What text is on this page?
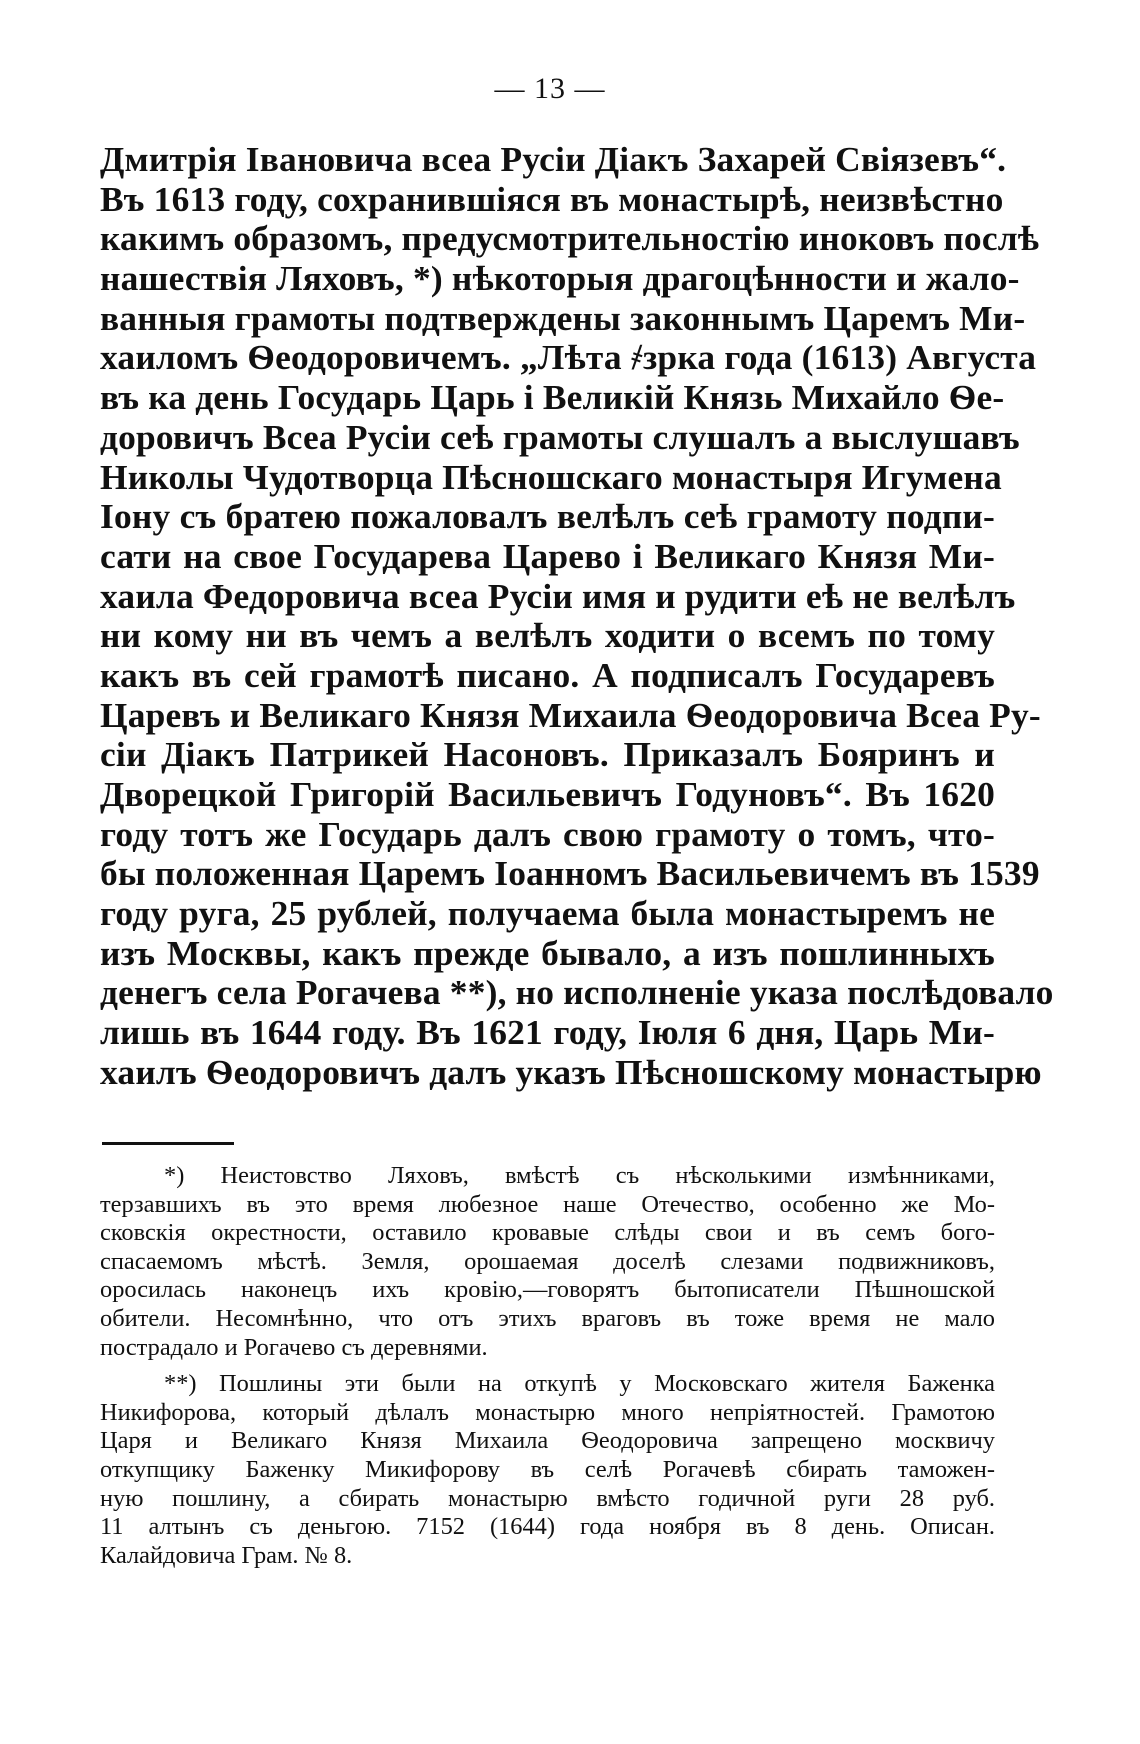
— 13 —
Дмитрія Івановича всеа Русіи Діакъ Захарей Свіязевъ“.
Въ 1613 году, сохранившіяся въ монастырѣ, неизвѣстно
какимъ образомъ, предусмотрительностію иноковъ послѣ
нашествія Ляховъ, *) нѣкоторыя драгоцѣнности и жало-
ванныя грамоты подтверждены законнымъ Царемъ Ми-
хаиломъ Ѳеодоровичемъ. „Лѣта ҂зрка года (1613) Августа
въ ка день Государь Царь і Великій Князь Михайло Ѳе-
доровичъ Всеа Русіи сеѣ грамоты слушалъ а выслушавъ
Николы Чудотворца Пѣсношскаго монастыря Игумена
Іону съ братею пожаловалъ велѣлъ сеѣ грамоту подпи-
сати на свое Государева Царево і Великаго Князя Ми-
хаила Федоровича всеа Русіи имя и рудити еѣ не велѣлъ
ни кому ни въ чемъ а велѣлъ ходити о всемъ по тому
какъ въ сей грамотѣ писано. А подписалъ Государевъ
Царевъ и Великаго Князя Михаила Ѳеодоровича Всеа Ру-
сіи Діакъ Патрикей Насоновъ. Приказалъ Бояринъ и
Дворецкой Григорій Васильевичъ Годуновъ“. Въ 1620
году тотъ же Государь далъ свою грамоту о томъ, что-
бы положенная Царемъ Іоанномъ Васильевичемъ въ 1539
году руга, 25 рублей, получаема была монастыремъ не
изъ Москвы, какъ прежде бывало, а изъ пошлинныхъ
денегъ села Рогачева **), но исполненіе указа послѣдовало
лишь въ 1644 году. Въ 1621 году, Іюля 6 дня, Царь Ми-
хаилъ Ѳеодоровичъ далъ указъ Пѣсношскому монастырю
*) Неистовство Ляховъ, вмѣстѣ съ нѣсколькими измѣнниками,
терзавшихъ въ это время любезное наше Отечество, особенно же Мо-
сковскія окрестности, оставило кровавые слѣды свои и въ семъ бого-
спасаемомъ мѣстѣ. Земля, орошаемая доселѣ слезами подвижниковъ,
оросилась наконецъ ихъ кровію,—говорятъ бытописатели Пѣшношской
обители. Несомнѣнно, что отъ этихъ враговъ въ тоже время не мало
пострадало и Рогачево съ деревнями.
**) Пошлины эти были на откупѣ у Московскаго жителя Баженка
Никифорова, который дѣлалъ монастырю много непріятностей. Грамотою
Царя и Великаго Князя Михаила Ѳеодоровича запрещено москвичу
откупщику Баженку Микифорову въ селѣ Рогачевѣ сбирать таможен-
ную пошлину, а сбирать монастырю вмѣсто годичной руги 28 руб.
11 алтынъ съ деньгою. 7152 (1644) года ноября въ 8 день. Описан.
Калайдовича Грам. № 8.
